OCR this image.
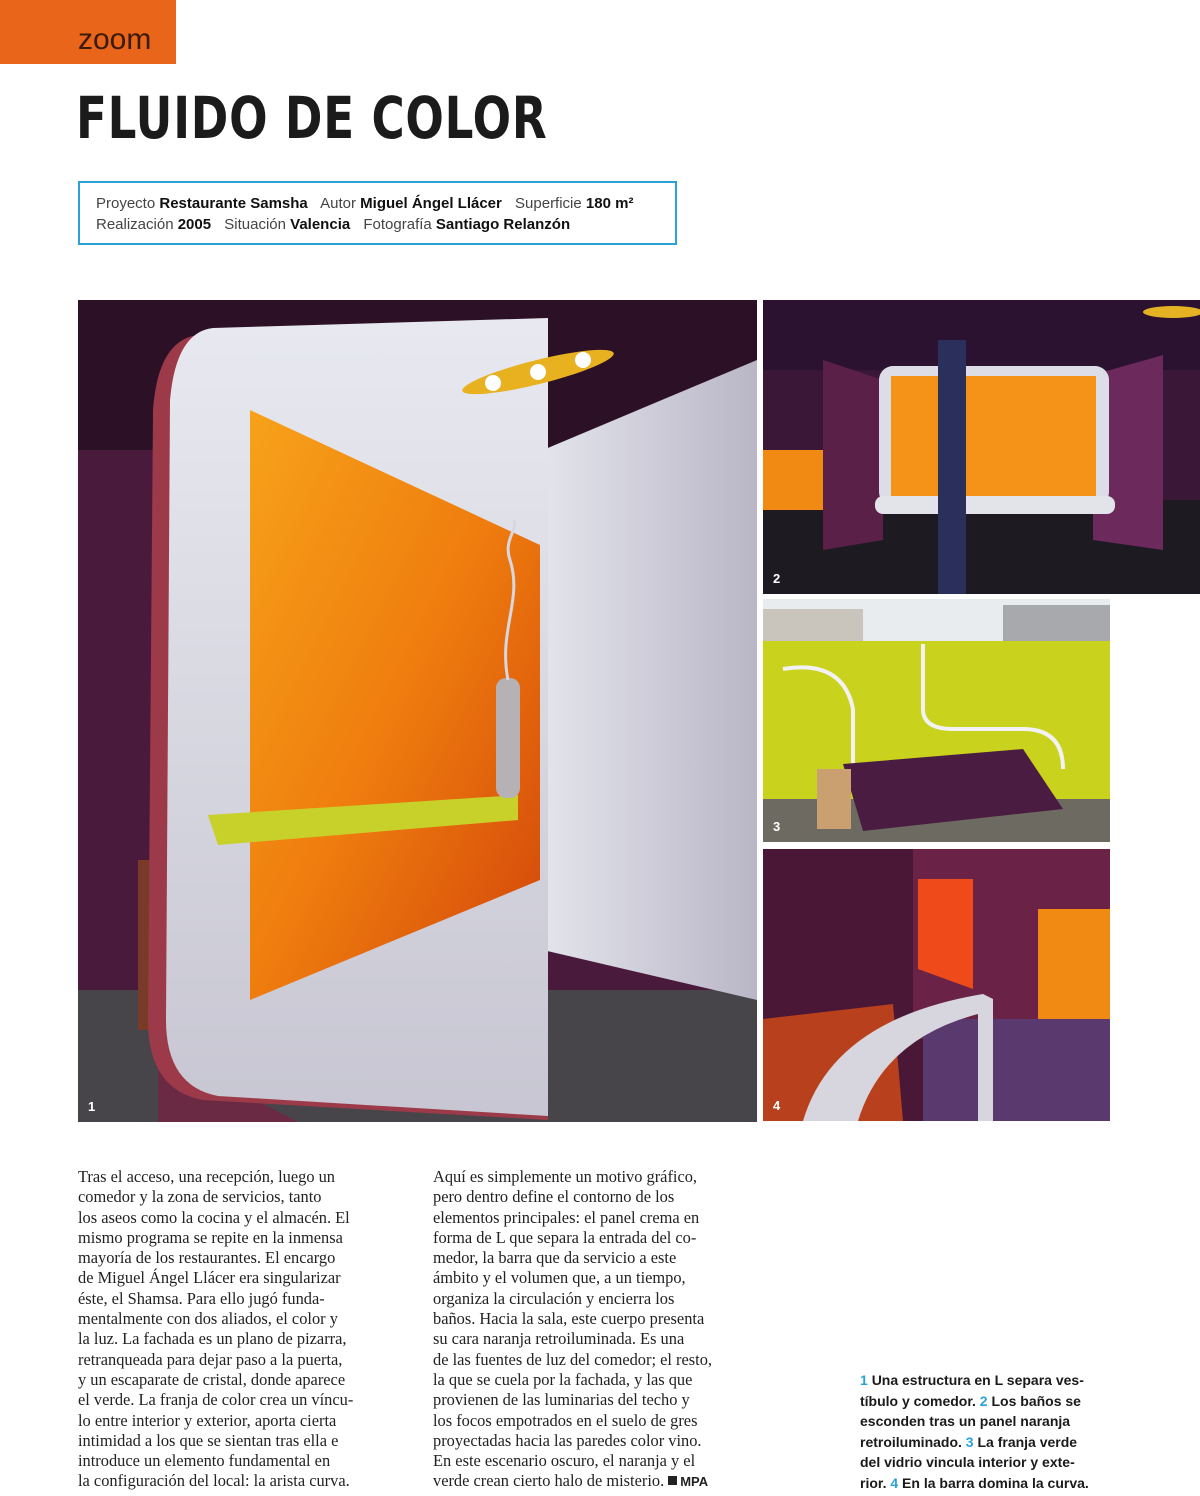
zoom
FLUIDO DE COLOR
Proyecto Restaurante Samsha Autor Miguel Ángel Llácer Superficie 180 m²
Realización 2005 Situación Valencia Fotografía Santiago Relanzón
1
2
3
4
Tras el acceso, una recepción, luego un
comedor y la zona de servicios, tanto
los aseos como la cocina y el almacén. El
mismo programa se repite en la inmensa
mayoría de los restaurantes. El encargo
de Miguel Ángel Llácer era singularizar
éste, el Shamsa. Para ello jugó funda-
mentalmente con dos aliados, el color y
la luz. La fachada es un plano de pizarra,
retranqueada para dejar paso a la puerta,
y un escaparate de cristal, donde aparece
el verde. La franja de color crea un víncu-
lo entre interior y exterior, aporta cierta
intimidad a los que se sientan tras ella e
introduce un elemento fundamental en
la configuración del local: la arista curva.
Aquí es simplemente un motivo gráfico,
pero dentro define el contorno de los
elementos principales: el panel crema en
forma de L que separa la entrada del co-
medor, la barra que da servicio a este
ámbito y el volumen que, a un tiempo,
organiza la circulación y encierra los
baños. Hacia la sala, este cuerpo presenta
su cara naranja retroiluminada. Es una
de las fuentes de luz del comedor; el resto,
la que se cuela por la fachada, y las que
provienen de las luminarias del techo y
los focos empotrados en el suelo de gres
proyectadas hacia las paredes color vino.
En este escenario oscuro, el naranja y el
verde crean cierto halo de misterio. MPA
1 Una estructura en L separa ves-
tíbulo y comedor. 2 Los baños se
esconden tras un panel naranja
retroiluminado. 3 La franja verde
del vidrio vincula interior y exte-
rior. 4 En la barra domina la curva.
